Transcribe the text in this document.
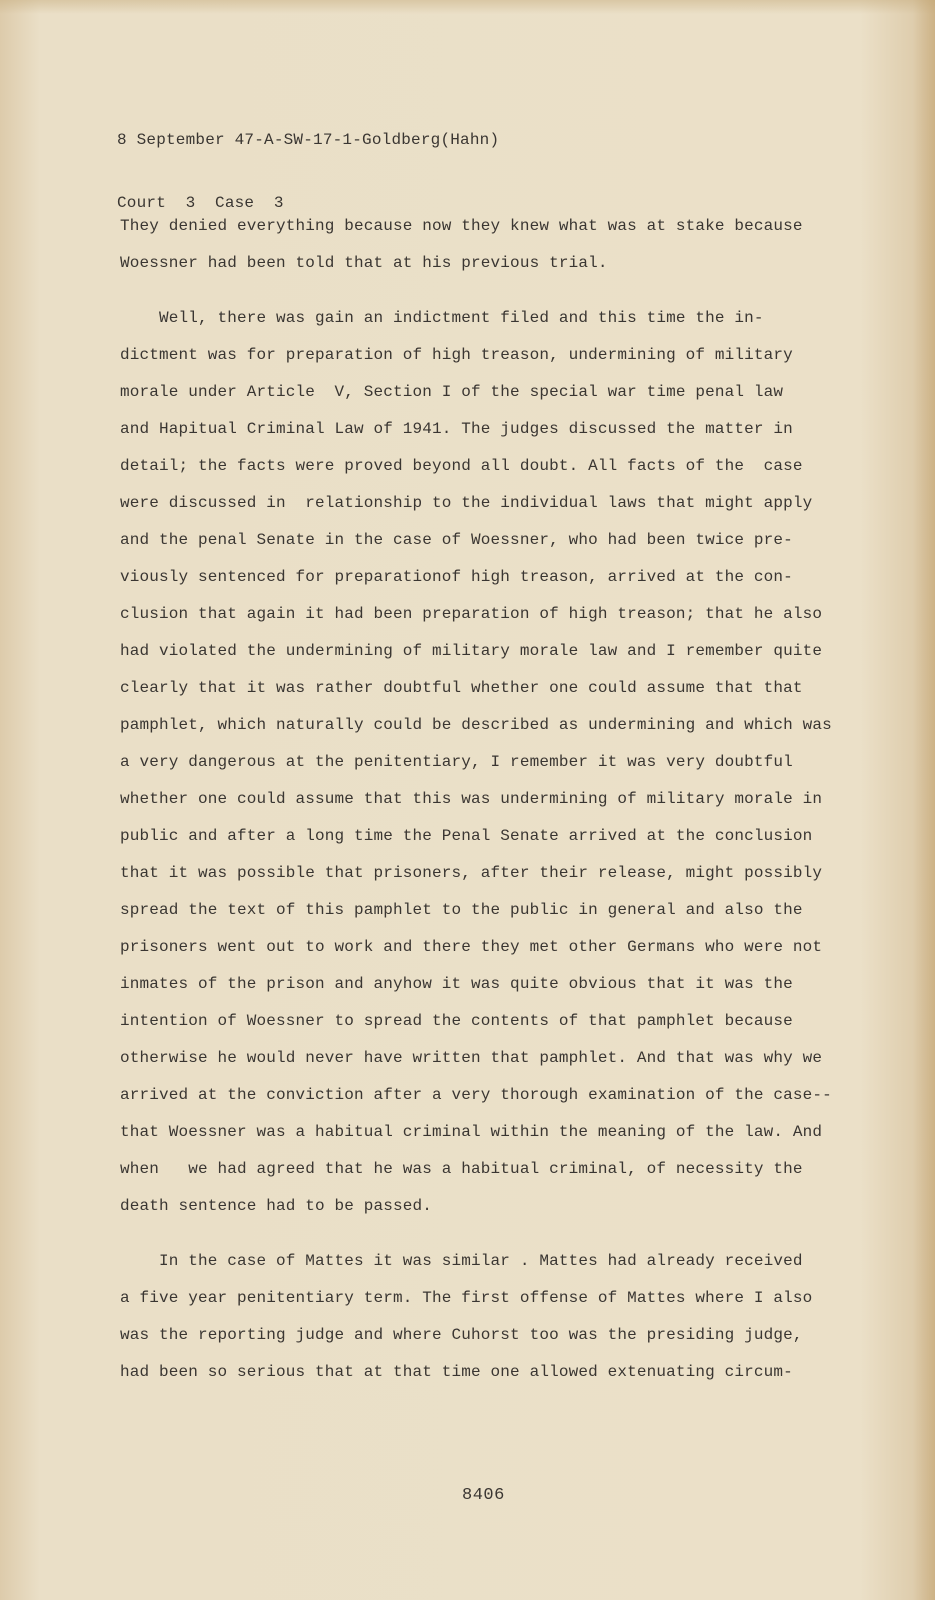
8 September 47-A-SW-17-1-Goldberg(Hahn)

Court  3  Case  3

They denied everything because now they knew what was at stake because
Woessner had been told that at his previous trial.
Well, there was gain an indictment filed and this time the in-
dictment was for preparation of high treason, undermining of military
morale under Article  V, Section I of the special war time penal law
and Hapitual Criminal Law of 1941. The judges discussed the matter in
detail; the facts were proved beyond all doubt. All facts of the  case
were discussed in  relationship to the individual laws that might apply
and the penal Senate in the case of Woessner, who had been twice pre-
viously sentenced for preparationof high treason, arrived at the con-
clusion that again it had been preparation of high treason; that he also
had violated the undermining of military morale law and I remember quite
clearly that it was rather doubtful whether one could assume that that
pamphlet, which naturally could be described as undermining and which was
a very dangerous at the penitentiary, I remember it was very doubtful
whether one could assume that this was undermining of military morale in
public and after a long time the Penal Senate arrived at the conclusion
that it was possible that prisoners, after their release, might possibly
spread the text of this pamphlet to the public in general and also the
prisoners went out to work and there they met other Germans who were not
inmates of the prison and anyhow it was quite obvious that it was the
intention of Woessner to spread the contents of that pamphlet because
otherwise he would never have written that pamphlet. And that was why we
arrived at the conviction after a very thorough examination of the case--
that Woessner was a habitual criminal within the meaning of the law. And
when   we had agreed that he was a habitual criminal, of necessity the
death sentence had to be passed.
In the case of Mattes it was similar . Mattes had already received
a five year penitentiary term. The first offense of Mattes where I also
was the reporting judge and where Cuhorst too was the presiding judge,
had been so serious that at that time one allowed extenuating circum-
8406
